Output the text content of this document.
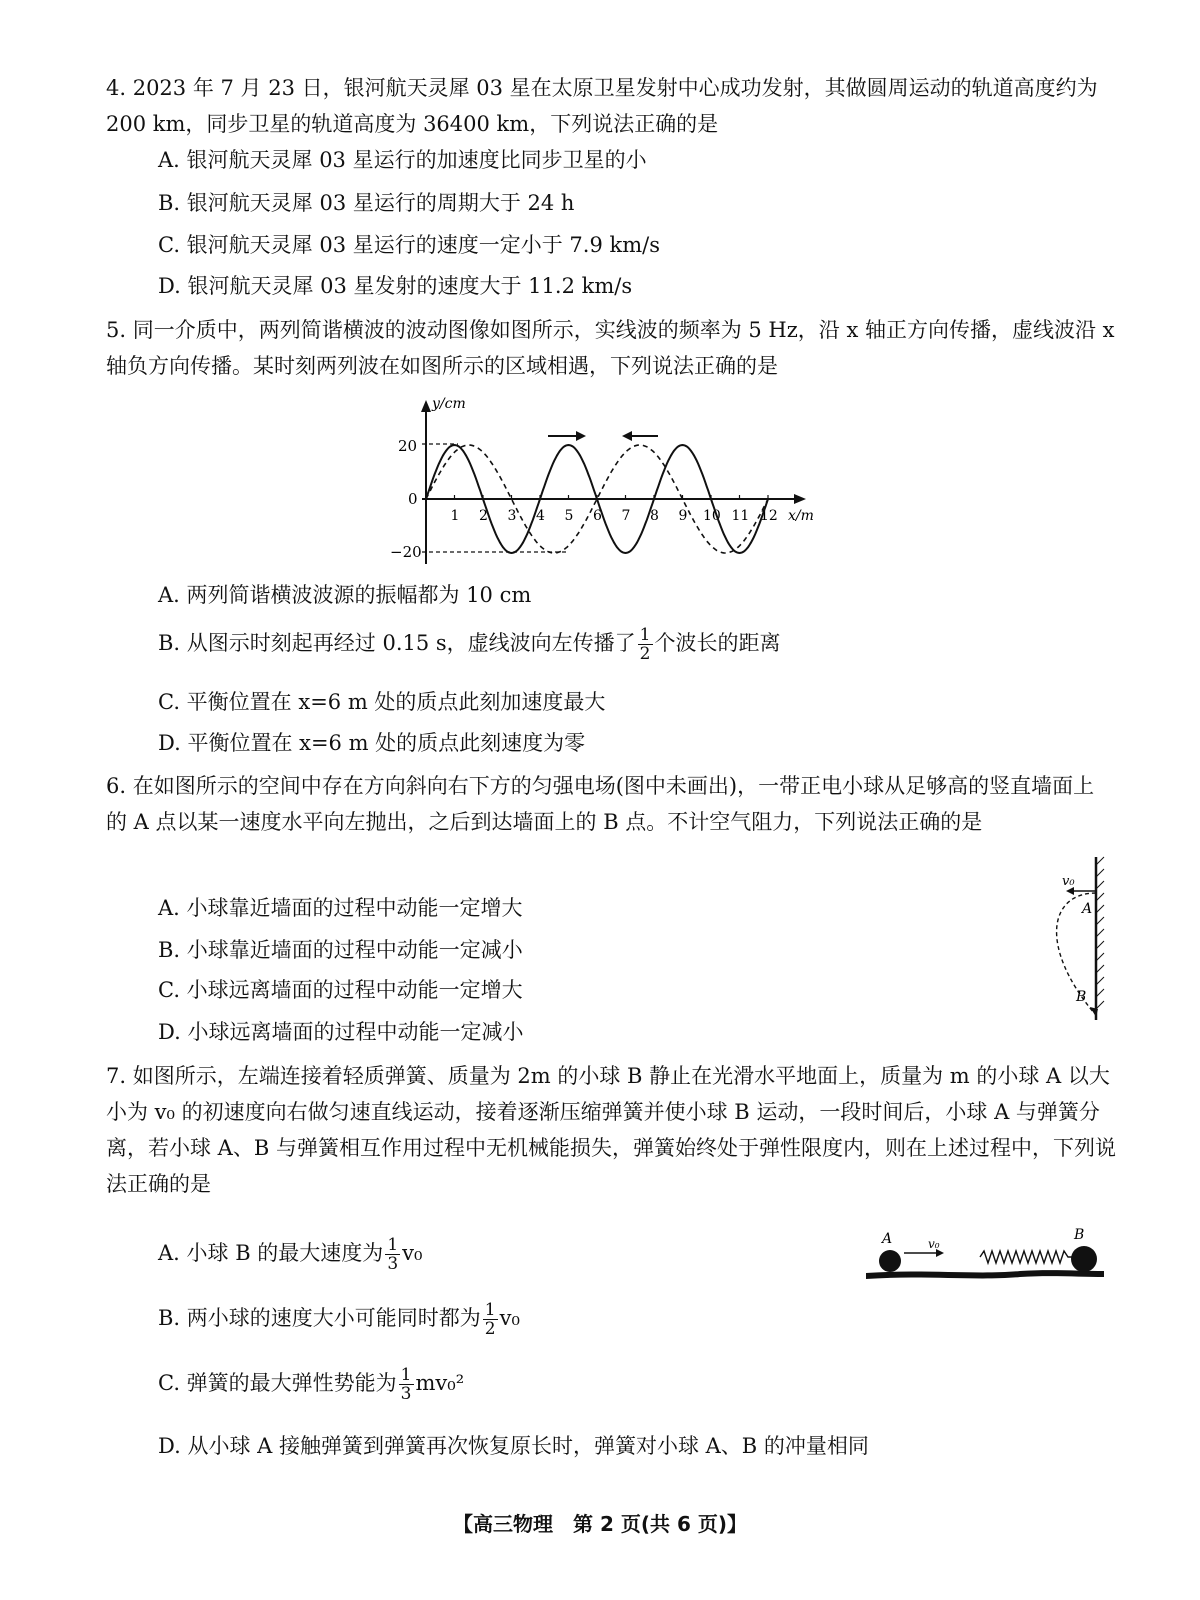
4. 2023 年 7 月 23 日，银河航天灵犀 03 星在太原卫星发射中心成功发射，其做圆周运动的轨道高度约为200 km，同步卫星的轨道高度为 36400 km，下列说法正确的是
A. 银河航天灵犀 03 星运行的加速度比同步卫星的小
B. 银河航天灵犀 03 星运行的周期大于 24 h
C. 银河航天灵犀 03 星运行的速度一定小于 7.9 km/s
D. 银河航天灵犀 03 星发射的速度大于 11.2 km/s
5. 同一介质中，两列简谐横波的波动图像如图所示，实线波的频率为 5 Hz，沿 x 轴正方向传播，虚线波沿 x 轴负方向传播。某时刻两列波在如图所示的区域相遇，下列说法正确的是
y/cm
x/m
20
0
−20
1 2 3 4 5 6 7 8 9 10 11 12
A. 两列简谐横波波源的振幅都为 10 cm
B. 从图示时刻起再经过 0.15 s，虚线波向左传播了 $\frac{1}{2}$ 个波长的距离
C. 平衡位置在 x=6 m 处的质点此刻加速度最大
D. 平衡位置在 x=6 m 处的质点此刻速度为零
6. 在如图所示的空间中存在方向斜向右下方的匀强电场(图中未画出)，一带正电小球从足够高的竖直墙面上的 A 点以某一速度水平向左抛出，之后到达墙面上的 B 点。不计空气阻力，下列说法正确的是
A. 小球靠近墙面的过程中动能一定增大
B. 小球靠近墙面的过程中动能一定减小
C. 小球远离墙面的过程中动能一定增大
D. 小球远离墙面的过程中动能一定减小
v₀
A
B
7. 如图所示，左端连接着轻质弹簧、质量为 2m 的小球 B 静止在光滑水平地面上，质量为 m 的小球 A 以大小为 v₀ 的初速度向右做匀速直线运动，接着逐渐压缩弹簧并使小球 B 运动，一段时间后，小球 A 与弹簧分离，若小球 A、B 与弹簧相互作用过程中无机械能损失，弹簧始终处于弹性限度内，则在上述过程中，下列说法正确的是
A	v₀
B
A. 小球 B 的最大速度为 $\frac{1}{3} v_0$
B. 两小球的速度大小可能同时都为 $\frac{1}{2} v_0$
C. 弹簧的最大弹性势能为 $\frac{1}{3} mv_0^2$
D. 从小球 A 接触弹簧到弹簧再次恢复原长时，弹簧对小球 A、B 的冲量相同
【高三物理　第 2 页(共 6 页)】
